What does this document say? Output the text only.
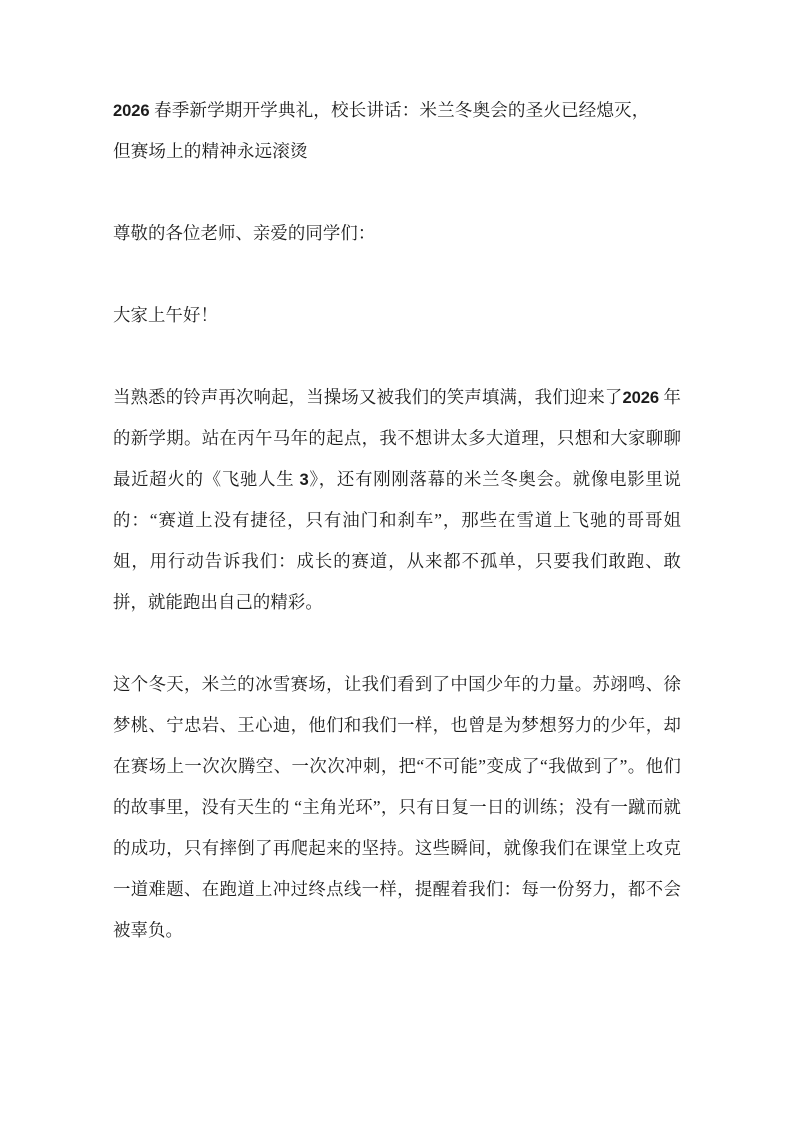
2026 春季新学期开学典礼，校长讲话：米兰冬奥会的圣火已经熄灭，
但赛场上的精神永远滚烫

尊敬的各位老师、亲爱的同学们：

大家上午好！

当熟悉的铃声再次响起，当操场又被我们的笑声填满，我们迎来了2026 年的新学期。站在丙午马年的起点，我不想讲太多大道理，只想和大家聊聊最近超火的《飞驰人生 3》，还有刚刚落幕的米兰冬奥会。就像电影里说的：“赛道上没有捷径，只有油门和刹车”，那些在雪道上飞驰的哥哥姐姐，用行动告诉我们：成长的赛道，从来都不孤单，只要我们敢跑、敢拼，就能跑出自己的精彩。

这个冬天，米兰的冰雪赛场，让我们看到了中国少年的力量。苏翊鸣、徐梦桃、宁忠岩、王心迪，他们和我们一样，也曾是为梦想努力的少年，却在赛场上一次次腾空、一次次冲刺，把“不可能”变成了“我做到了”。他们的故事里，没有天生的 “主角光环”，只有日复一日的训练；没有一蹴而就的成功，只有摔倒了再爬起来的坚持。这些瞬间，就像我们在课堂上攻克一道难题、在跑道上冲过终点线一样，提醒着我们：每一份努力，都不会被辜负。
